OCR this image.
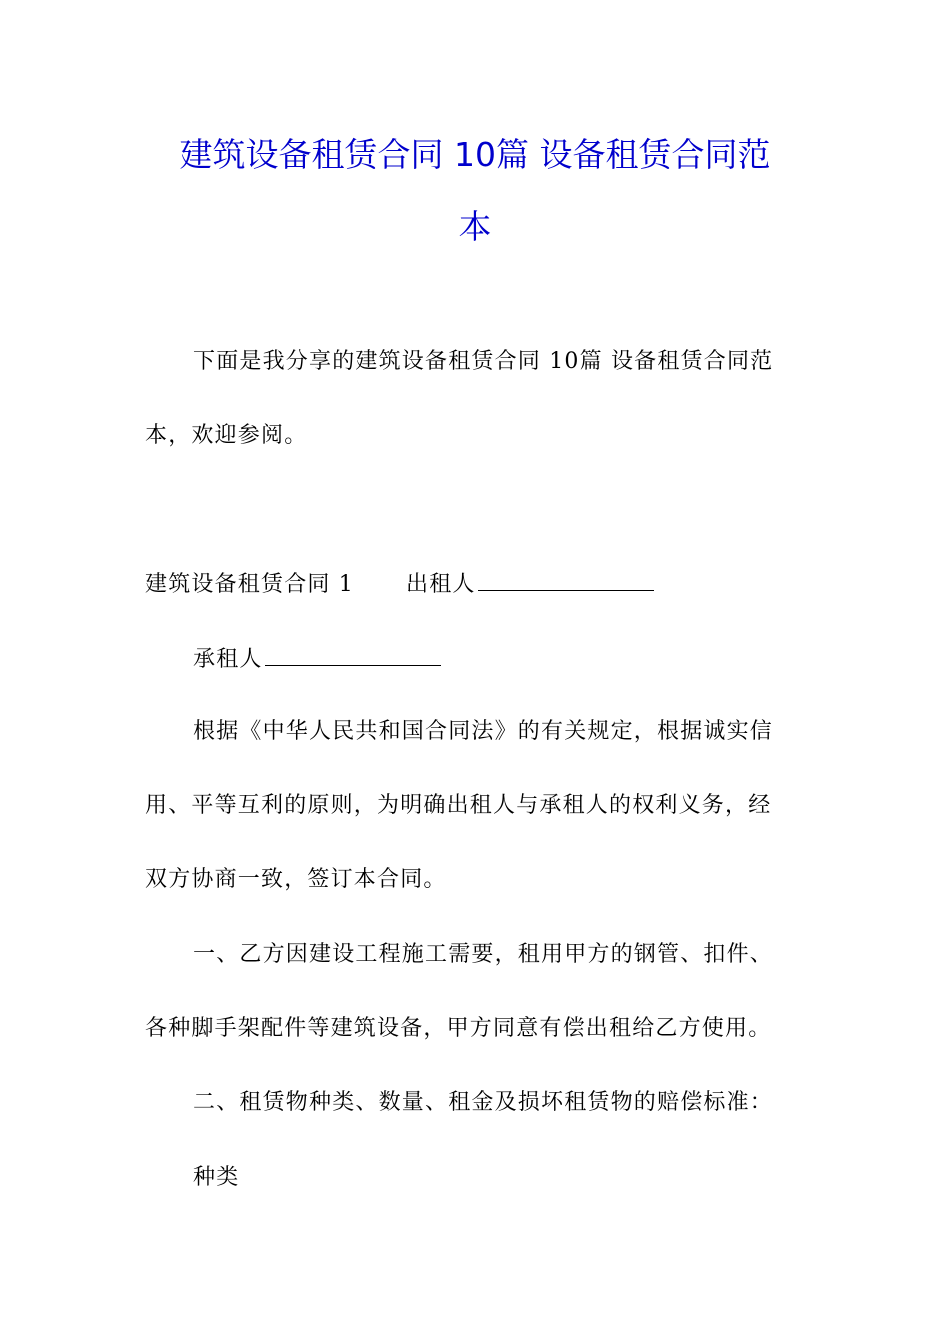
建筑设备租赁合同 10篇 设备租赁合同范
本
下面是我分享的建筑设备租赁合同 10篇 设备租赁合同范
本，欢迎参阅。
建筑设备租赁合同 1 出租人
承租人
根据《中华人民共和国合同法》的有关规定，根据诚实信
用、平等互利的原则，为明确出租人与承租人的权利义务，经
双方协商一致，签订本合同。
一、乙方因建设工程施工需要，租用甲方的钢管、扣件、
各种脚手架配件等建筑设备，甲方同意有偿出租给乙方使用。
二、租赁物种类、数量、租金及损坏租赁物的赔偿标准：
种类
